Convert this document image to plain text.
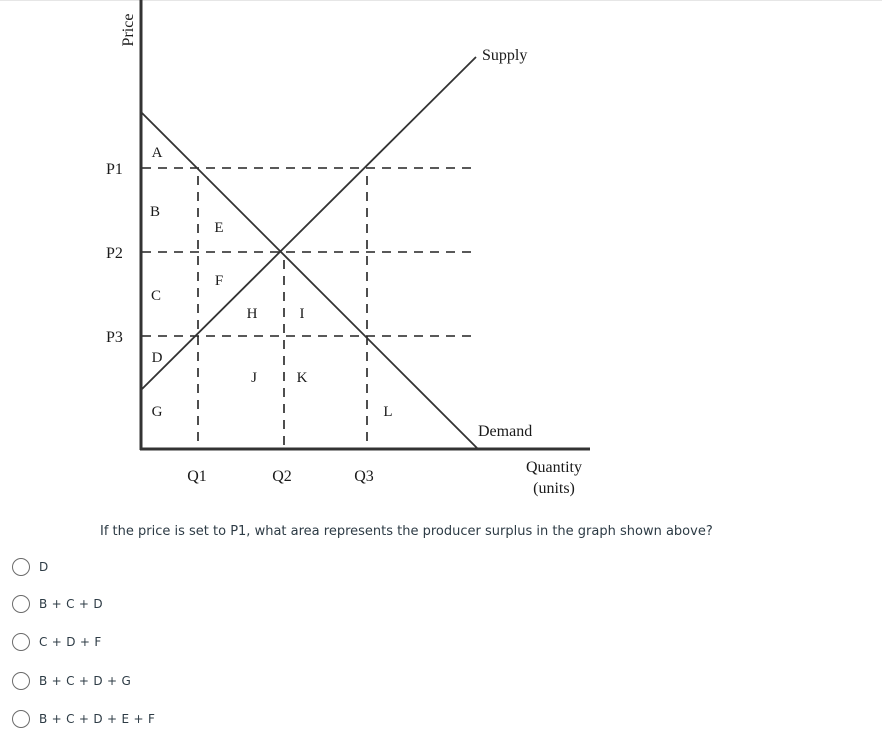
Price
P1
P2
P3
Q1	Q2	Q3
Quantity
(units)
Supply
Demand
A
B
E
F
C
H	I
D
J	K
G	L
If the price is set to P1, what area represents the producer surplus in the graph shown above?
D
B + C + D
C + D + F
B + C + D + G
B + C + D + E + F
